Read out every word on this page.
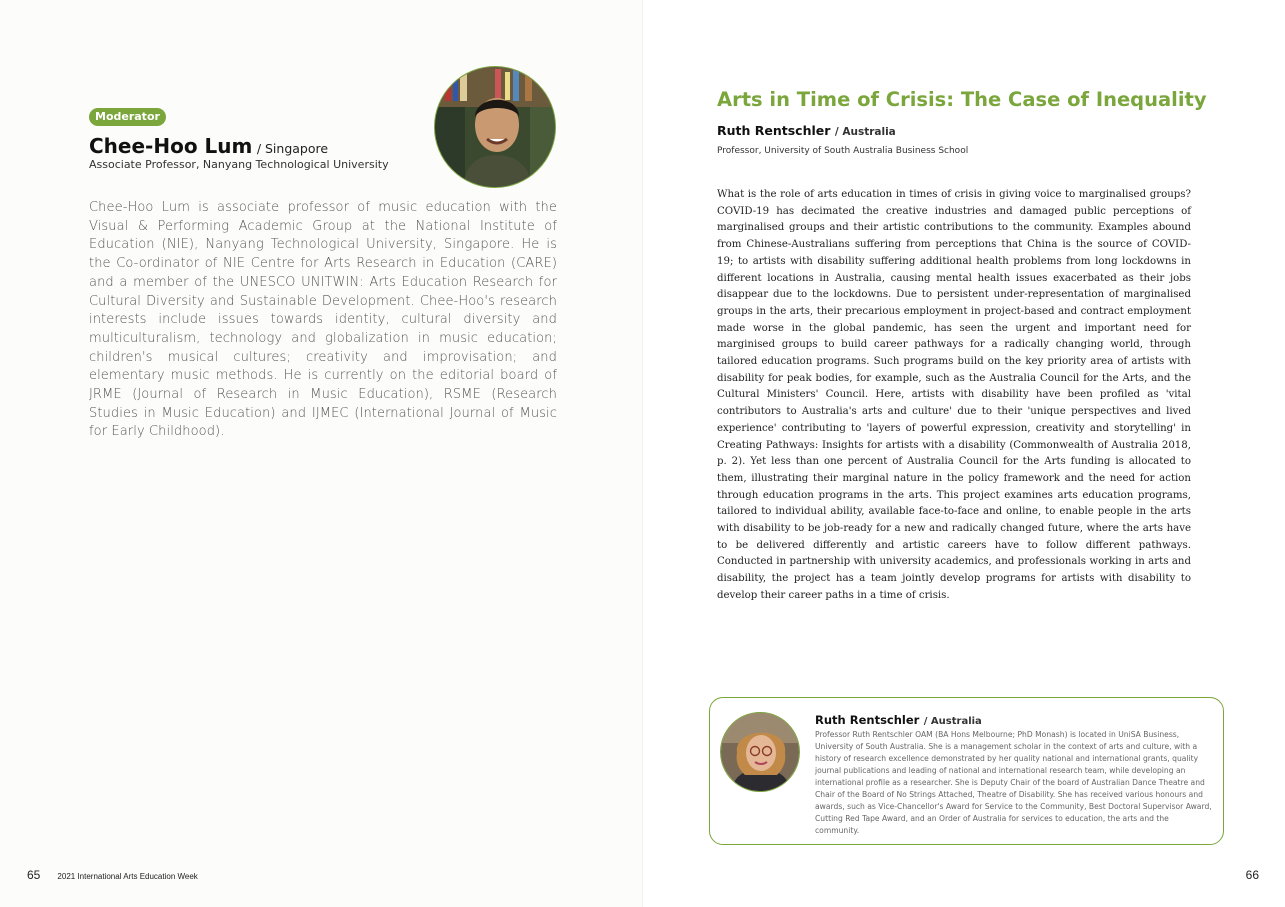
Moderator
Chee-Hoo Lum / Singapore
Associate Professor, Nanyang Technological University
Chee-Hoo Lum is associate professor of music education with the Visual & Performing Academic Group at the National Institute of Education (NIE), Nanyang Technological University, Singapore. He is the Co-ordinator of NIE Centre for Arts Research in Education (CARE) and a member of the UNESCO UNITWIN: Arts Education Research for Cultural Diversity and Sustainable Development. Chee-Hoo's research interests include issues towards identity, cultural diversity and multiculturalism, technology and globalization in music education; children's musical cultures; creativity and improvisation; and elementary music methods. He is currently on the editorial board of JRME (Journal of Research in Music Education), RSME (Research Studies in Music Education) and IJMEC (International Journal of Music for Early Childhood).
65 2021 International Arts Education Week
Arts in Time of Crisis: The Case of Inequality
Ruth Rentschler / Australia
Professor, University of South Australia Business School
What is the role of arts education in times of crisis in giving voice to marginalised groups? COVID-19 has decimated the creative industries and damaged public perceptions of marginalised groups and their artistic contributions to the community. Examples abound from Chinese-Australians suffering from perceptions that China is the source of COVID- 19; to artists with disability suffering additional health problems from long lockdowns in different locations in Australia, causing mental health issues exacerbated as their jobs disappear due to the lockdowns. Due to persistent under-representation of marginalised groups in the arts, their precarious employment in project-based and contract employment made worse in the global pandemic, has seen the urgent and important need for marginised groups to build career pathways for a radically changing world, through tailored education programs. Such programs build on the key priority area of artists with disability for peak bodies, for example, such as the Australia Council for the Arts, and the Cultural Ministers' Council. Here, artists with disability have been profiled as 'vital contributors to Australia's arts and culture' due to their 'unique perspectives and lived experience' contributing to 'layers of powerful expression, creativity and storytelling' in Creating Pathways: Insights for artists with a disability (Commonwealth of Australia 2018, p. 2). Yet less than one percent of Australia Council for the Arts funding is allocated to them, illustrating their marginal nature in the policy framework and the need for action through education programs in the arts. This project examines arts education programs, tailored to individual ability, available face-to-face and online, to enable people in the arts with disability to be job-ready for a new and radically changed future, where the arts have to be delivered differently and artistic careers have to follow different pathways. Conducted in partnership with university academics, and professionals working in arts and disability, the project has a team jointly develop programs for artists with disability to develop their career paths in a time of crisis.
Ruth Rentschler / Australia
Professor Ruth Rentschler OAM (BA Hons Melbourne; PhD Monash) is located in UniSA Business, University of South Australia. She is a management scholar in the context of arts and culture, with a history of research excellence demonstrated by her quality national and international grants, quality journal publications and leading of national and international research team, while developing an international profile as a researcher. She is Deputy Chair of the board of Australian Dance Theatre and Chair of the Board of No Strings Attached, Theatre of Disability. She has received various honours and awards, such as Vice-Chancellor's Award for Service to the Community, Best Doctoral Supervisor Award, Cutting Red Tape Award, and an Order of Australia for services to education, the arts and the community.
66
